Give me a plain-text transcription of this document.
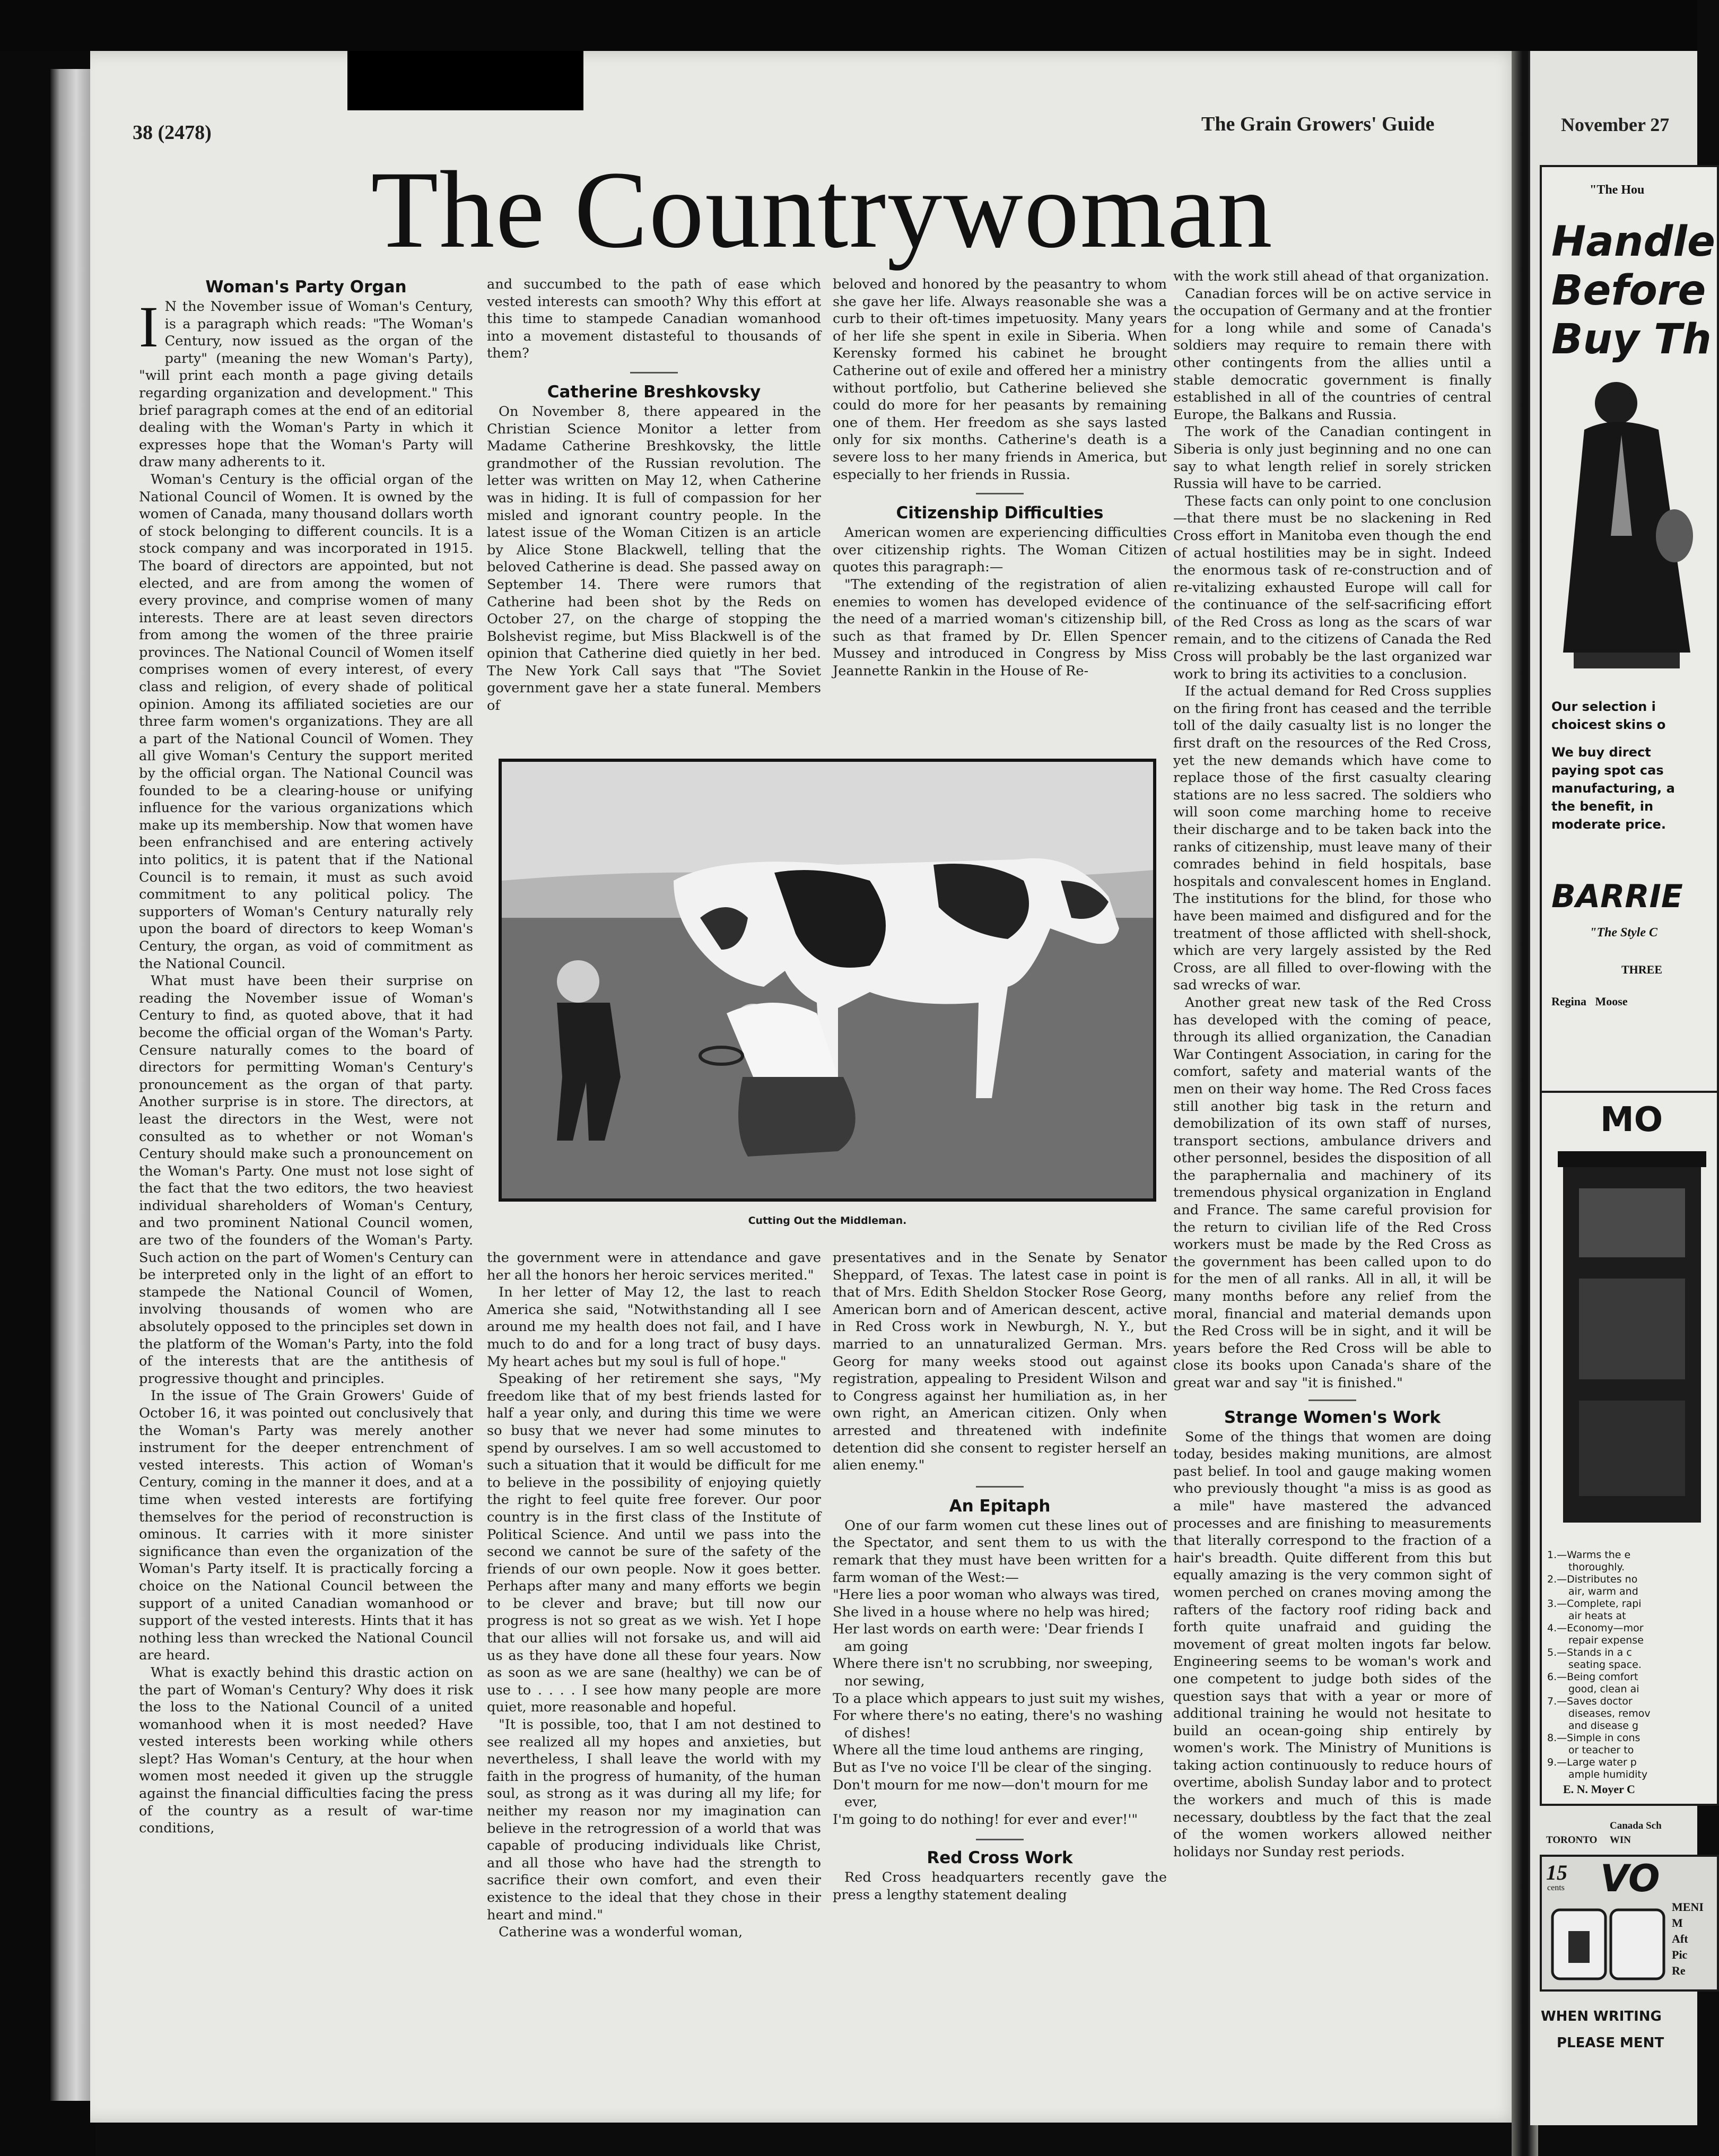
38 (2478)	The Grain Growers' Guide
The Countrywoman
Woman's Party Organ

I N the November issue of Woman's Century, is a paragraph which reads: "The Woman's Century, now issued as the organ of the party" (meaning the new Woman's Party), "will print each month a page giving details regarding organization and development." This brief paragraph comes at the end of an editorial dealing with the Woman's Party in which it expresses hope that the Woman's Party will draw many adherents to it.

Woman's Century is the official organ of the National Council of Women. It is owned by the women of Canada, many thousand dollars worth of stock belonging to different councils. It is a stock company and was incorporated in 1915. The board of directors are appointed, but not elected, and are from among the women of every province, and comprise women of many interests. There are at least seven directors from among the women of the three prairie provinces. The National Council of Women itself comprises women of every interest, of every class and religion, of every shade of political opinion. Among its affiliated societies are our three farm women's organizations. They are all a part of the National Council of Women. They all give Woman's Century the support merited by the official organ. The National Council was founded to be a clearing-house or unifying influence for the various organizations which make up its membership. Now that women have been enfranchised and are entering actively into politics, it is patent that if the National Council is to remain, it must as such avoid commitment to any political policy. The supporters of Woman's Century naturally rely upon the board of directors to keep Woman's Century, the organ, as void of commitment as the National Council.

What must have been their surprise on reading the November issue of Woman's Century to find, as quoted above, that it had become the official organ of the Woman's Party. Censure naturally comes to the board of directors for permitting Woman's Century's pronouncement as the organ of that party. Another surprise is in store. The directors, at least the directors in the West, were not consulted as to whether or not Woman's Century should make such a pronouncement on the Woman's Party. One must not lose sight of the fact that the two editors, the two heaviest individual shareholders of Woman's Century, and two prominent National Council women, are two of the founders of the Woman's Party. Such action on the part of Women's Century can be interpreted only in the light of an effort to stampede the National Council of Women, involving thousands of women who are absolutely opposed to the principles set down in the platform of the Woman's Party, into the fold of the interests that are the antithesis of progressive thought and principles.

In the issue of The Grain Growers' Guide of October 16, it was pointed out conclusively that the Woman's Party was merely another instrument for the deeper entrenchment of vested interests. This action of Woman's Century, coming in the manner it does, and at a time when vested interests are fortifying themselves for the period of reconstruction is ominous. It carries with it more sinister significance than even the organization of the Woman's Party itself. It is practically forcing a choice on the National Council between the support of a united Canadian womanhood or support of the vested interests. Hints that it has nothing less than wrecked the National Council are heard.

What is exactly behind this drastic action on the part of Woman's Century? Why does it risk the loss to the National Council of a united womanhood when it is most needed? Have vested interests been working while others slept? Has Woman's Century, at the hour when women most needed it given up the struggle against the financial difficulties facing the press of the country as a result of war-time conditions,

and succumbed to the path of ease which vested interests can smooth? Why this effort at this time to stampede Canadian womanhood into a movement distasteful to thousands of them?

Catherine Breshkovsky

On November 8, there appeared in the Christian Science Monitor a letter from Madame Catherine Breshkovsky, the little grandmother of the Russian revolution. The letter was written on May 12, when Catherine was in hiding. It is full of compassion for her misled and ignorant country people. In the latest issue of the Woman Citizen is an article by Alice Stone Blackwell, telling that the beloved Catherine is dead. She passed away on September 14. There were rumors that Catherine had been shot by the Reds on October 27, on the charge of stopping the Bolshevist regime, but Miss Blackwell is of the opinion that Catherine died quietly in her bed. The New York Call says that "The Soviet government gave her a state funeral. Members of

beloved and honored by the peasantry to whom she gave her life. Always reasonable she was a curb to their oft-times impetuosity. Many years of her life she spent in exile in Siberia. When Kerensky formed his cabinet he brought Catherine out of exile and offered her a ministry without portfolio, but Catherine believed she could do more for her peasants by remaining one of them. Her freedom as she says lasted only for six months. Catherine's death is a severe loss to her many friends in America, but especially to her friends in Russia.

Citizenship Difficulties

American women are experiencing difficulties over citizenship rights. The Woman Citizen quotes this paragraph:—

"The extending of the registration of alien enemies to women has developed evidence of the need of a married woman's citizenship bill, such as that framed by Dr. Ellen Spencer Mussey and introduced in Congress by Miss Jeannette Rankin in the House of Re-

with the work still ahead of that organization.

Canadian forces will be on active service in the occupation of Germany and at the frontier for a long while and some of Canada's soldiers may require to remain there with other contingents from the allies until a stable democratic government is finally established in all of the countries of central Europe, the Balkans and Russia.

The work of the Canadian contingent in Siberia is only just beginning and no one can say to what length relief in sorely stricken Russia will have to be carried.

These facts can only point to one conclusion—that there must be no slackening in Red Cross effort in Manitoba even though the end of actual hostilities may be in sight. Indeed the enormous task of re-construction and of re-vitalizing exhausted Europe will call for the continuance of the self-sacrificing effort of the Red Cross as long as the scars of war remain, and to the citizens of Canada the Red Cross will probably be the last organized war work to bring its activities to a conclusion.

If the actual demand for Red Cross supplies on the firing front has ceased and the terrible toll of the daily casualty list is no longer the first draft on the resources of the Red Cross, yet the new demands which have come to replace those of the first casualty clearing stations are no less sacred. The soldiers who will soon come marching home to receive their discharge and to be taken back into the ranks of citizenship, must leave many of their comrades behind in field hospitals, base hospitals and convalescent homes in England. The institutions for the blind, for those who have been maimed and disfigured and for the treatment of those afflicted with shell-shock, which are very largely assisted by the Red Cross, are all filled to over-flowing with the sad wrecks of war.

Another great new task of the Red Cross has developed with the coming of peace, through its allied organization, the Canadian War Contingent Association, in caring for the comfort, safety and material wants of the men on their way home. The Red Cross faces still another big task in the return and demobilization of its own staff of nurses, transport sections, ambulance drivers and other personnel, besides the disposition of all the paraphernalia and machinery of its tremendous physical organization in England and France. The same careful provision for the return to civilian life of the Red Cross workers must be made by the Red Cross as the government has been called upon to do for the men of all ranks. All in all, it will be many months before any relief from the moral, financial and material demands upon the Red Cross will be in sight, and it will be years before the Red Cross will be able to close its books upon Canada's share of the great war and say "it is finished."

Strange Women's Work

Some of the things that women are doing today, besides making munitions, are almost past belief. In tool and gauge making women who previously thought "a miss is as good as a mile" have mastered the advanced processes and are finishing to measurements that literally correspond to the fraction of a hair's breadth. Quite different from this but equally amazing is the very common sight of women perched on cranes moving among the rafters of the factory roof riding back and forth quite unafraid and guiding the movement of great molten ingots far below. Engineering seems to be woman's work and one competent to judge both sides of the question says that with a year or more of additional training he would not hesitate to build an ocean-going ship entirely by women's work. The Ministry of Munitions is taking action continuously to reduce hours of overtime, abolish Sunday labor and to protect the workers and much of this is made necessary, doubtless by the fact that the zeal of the women workers allowed neither holidays nor Sunday rest periods.

Cutting Out the Middleman.

the government were in attendance and gave her all the honors her heroic services merited."

In her letter of May 12, the last to reach America she said, "Notwithstanding all I see around me my health does not fail, and I have much to do and for a long tract of busy days. My heart aches but my soul is full of hope."

Speaking of her retirement she says, "My freedom like that of my best friends lasted for half a year only, and during this time we were so busy that we never had some minutes to spend by ourselves. I am so well accustomed to such a situation that it would be difficult for me to believe in the possibility of enjoying quietly the right to feel quite free forever. Our poor country is in the first class of the Institute of Political Science. And until we pass into the second we cannot be sure of the safety of the friends of our own people. Now it goes better. Perhaps after many and many efforts we begin to be clever and brave; but till now our progress is not so great as we wish. Yet I hope that our allies will not forsake us, and will aid us as they have done all these four years. Now as soon as we are sane (healthy) we can be of use to . . . . I see how many people are more quiet, more reasonable and hopeful.

"It is possible, too, that I am not destined to see realized all my hopes and anxieties, but nevertheless, I shall leave the world with my faith in the progress of humanity, of the human soul, as strong as it was during all my life; for neither my reason nor my imagination can believe in the retrogression of a world that was capable of producing individuals like Christ, and all those who have had the strength to sacrifice their own comfort, and even their existence to the ideal that they chose in their heart and mind."

Catherine was a wonderful woman,

presentatives and in the Senate by Senator Sheppard, of Texas. The latest case in point is that of Mrs. Edith Sheldon Stocker Rose Georg, American born and of American descent, active in Red Cross work in Newburgh, N. Y., but married to an unnaturalized German. Mrs. Georg for many weeks stood out against registration, appealing to President Wilson and to Congress against her humiliation as, in her own right, an American citizen. Only when arrested and threatened with indefinite detention did she consent to register herself an alien enemy."

An Epitaph

One of our farm women cut these lines out of the Spectator, and sent them to us with the remark that they must have been written for a farm woman of the West:—

"Here lies a poor woman who always was tired,

She lived in a house where no help was hired;

Her last words on earth were: 'Dear friends I am going

Where there isn't no scrubbing, nor sweeping, nor sewing,

To a place which appears to just suit my wishes,

For where there's no eating, there's no washing of dishes!

Where all the time loud anthems are ringing,

But as I've no voice I'll be clear of the singing.

Don't mourn for me now—don't mourn for me ever,

I'm going to do nothing! for ever and ever!'"

Red Cross Work

Red Cross headquarters recently gave the press a lengthy statement dealing

November 27
"The Hou
Handle
Before
Buy Th
Our selection i
choicest skins o
We buy direct
paying spot cas
manufacturing, a
the benefit, in
moderate price.
BARRIE
"The Style C
THREE
Regina   Moose
MO
1.—Warms the e
thoroughly.
2.—Distributes no
air, warm and
3.—Complete, rapi
air heats at
4.—Economy—mor
repair expense
5.—Stands in a c
seating space.
6.—Being comfort
good, clean ai
7.—Saves doctor
diseases, remov
and disease g
8.—Simple in cons
or teacher to
9.—Large water p
ample humidity
E. N. Moyer C
Canada Sch
TORONTO     WIN
15
cents VO
MENI
M
Aft
Pic
Re
WHEN WRITING
PLEASE MENT
